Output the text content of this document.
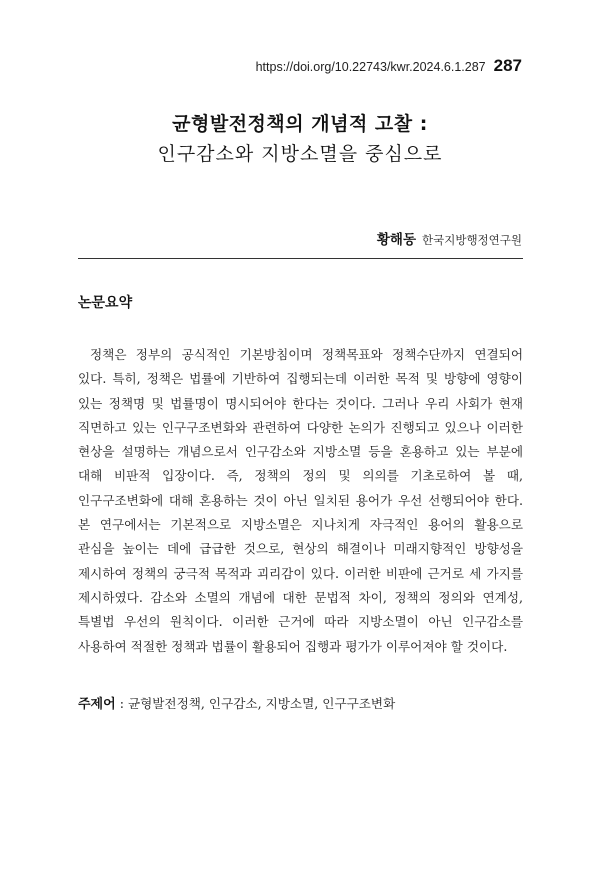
https://doi.org/10.22743/kwr.2024.6.1.287 287
균형발전정책의 개념적 고찰 :
인구감소와 지방소멸을 중심으로
황해동 한국지방행정연구원
논문요약

정책은 정부의 공식적인 기본방침이며 정책목표와 정책수단까지 연결되어 있다. 특히, 정책은 법률에 기반하여 집행되는데 이러한 목적 및 방향에 영향이 있는 정책명 및 법률명이 명시되어야 한다는 것이다. 그러나 우리 사회가 현재 직면하고 있는 인구구조변화와 관련하여 다양한 논의가 진행되고 있으나 이러한 현상을 설명하는 개념으로서 인구감소와 지방소멸 등을 혼용하고 있는 부분에 대해 비판적 입장이다. 즉, 정책의 정의 및 의의를 기초로하여 볼 때, 인구구조변화에 대해 혼용하는 것이 아닌 일치된 용어가 우선 선행되어야 한다. 본 연구에서는 기본적으로 지방소멸은 지나치게 자극적인 용어의 활용으로 관심을 높이는 데에 급급한 것으로, 현상의 해결이나 미래지향적인 방향성을 제시하여 정책의 궁극적 목적과 괴리감이 있다. 이러한 비판에 근거로 세 가지를 제시하였다. 감소와 소멸의 개념에 대한 문법적 차이, 정책의 정의와 연계성, 특별법 우선의 원칙이다. 이러한 근거에 따라 지방소멸이 아닌 인구감소를 사용하여 적절한 정책과 법률이 활용되어 집행과 평가가 이루어져야 할 것이다.

주제어 : 균형발전정책, 인구감소, 지방소멸, 인구구조변화
